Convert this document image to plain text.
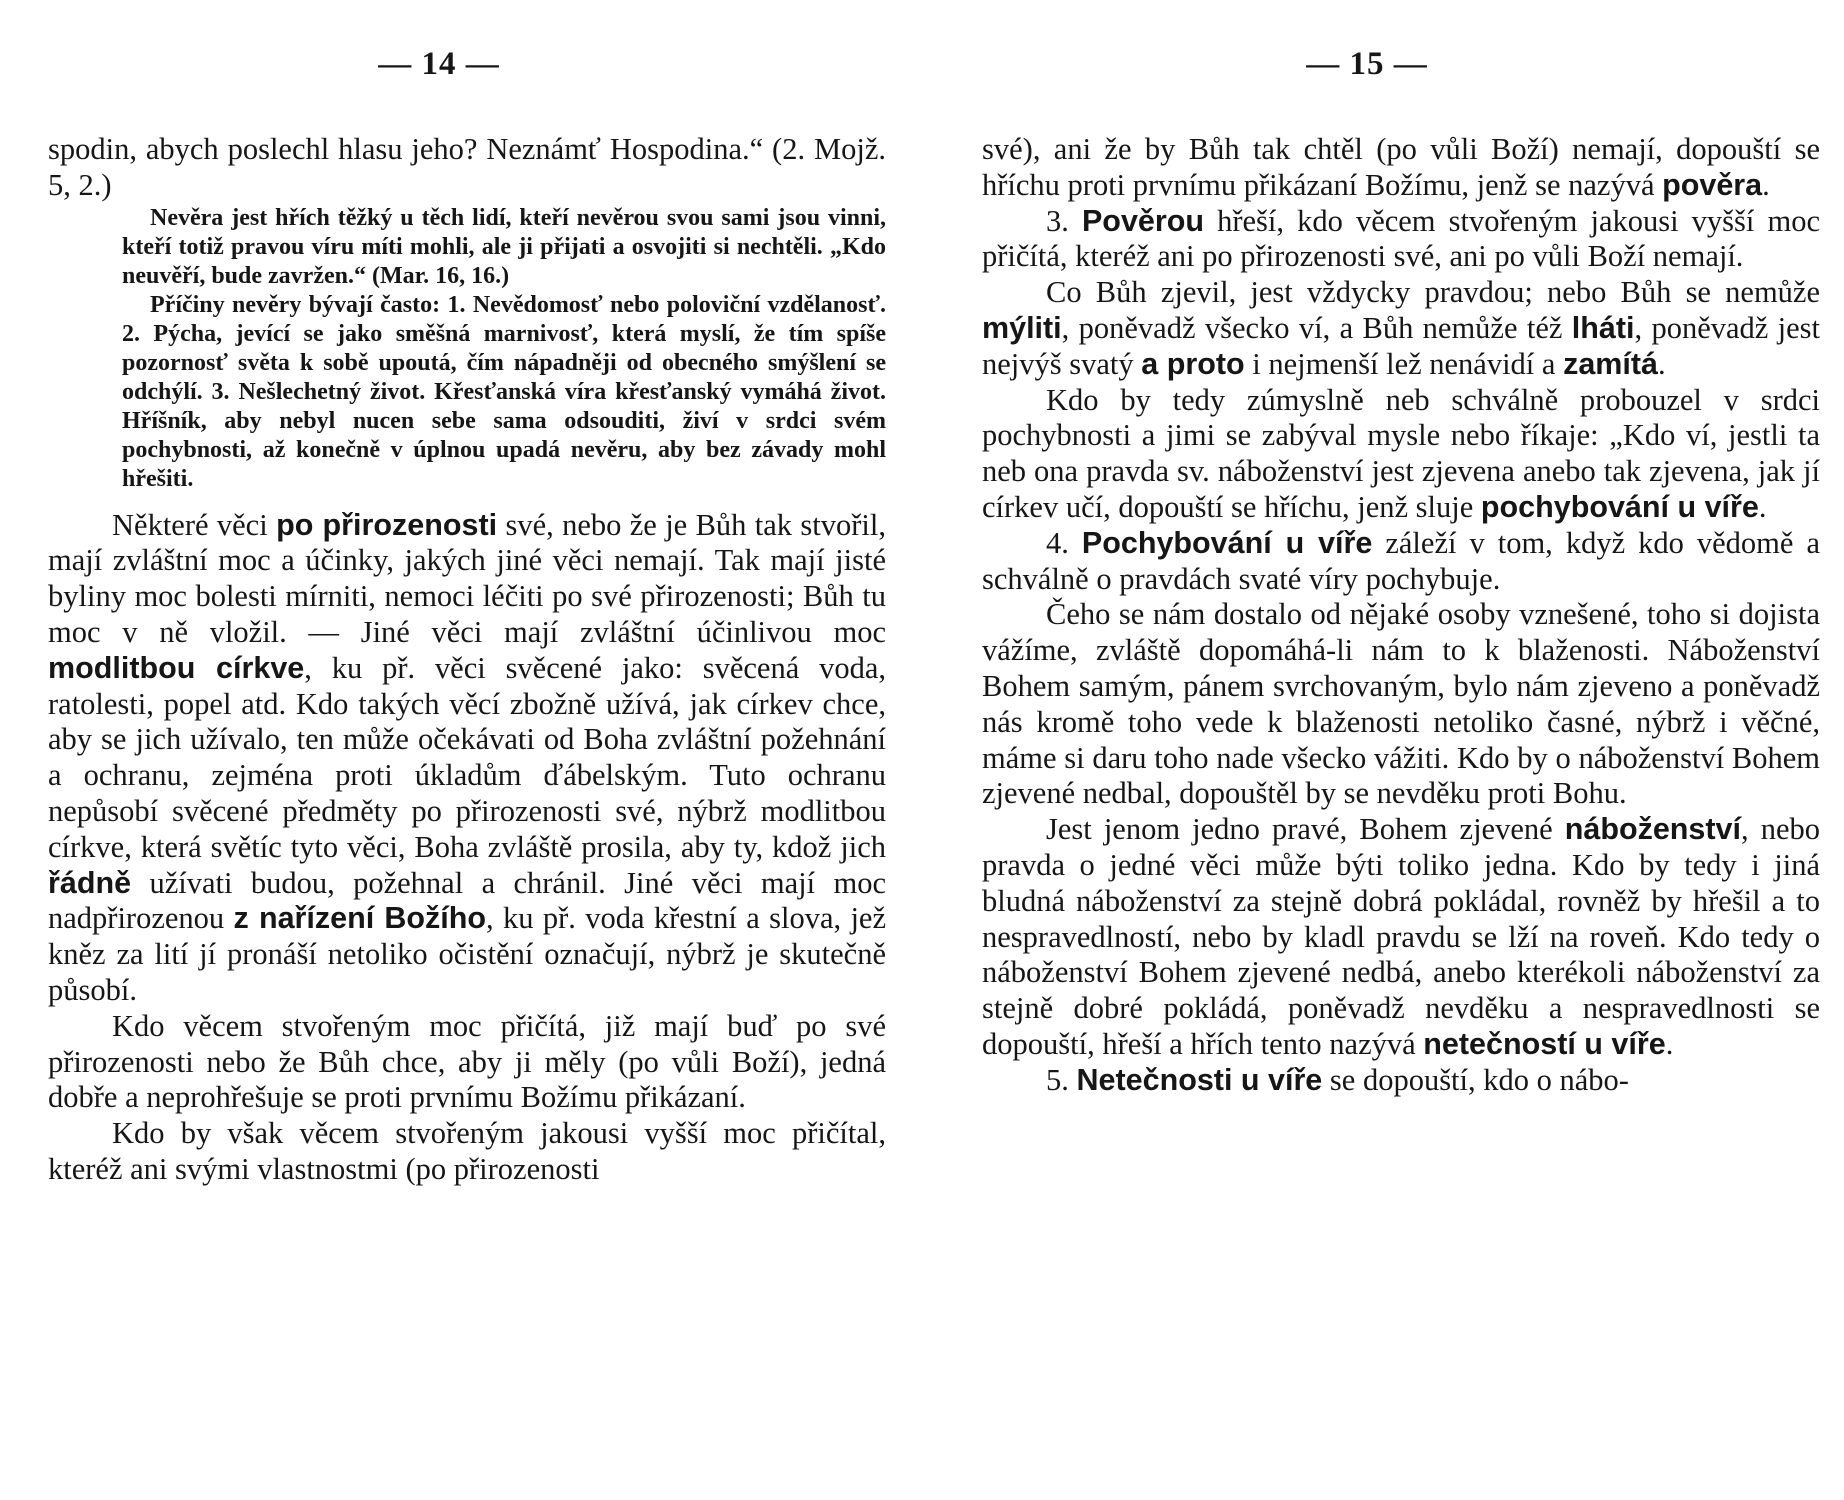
— 14 —

spodin, abych poslechl hlasu jeho? Neznámť Hospodina.“ (2. Mojž. 5, 2.)

Nevěra jest hřích těžký u těch lidí, kteří nevěrou svou sami jsou vinni, kteří totiž pravou víru míti mohli, ale ji přijati a osvojiti si nechtěli. „Kdo neuvěří, bude zavržen.“ (Mar. 16, 16.)

Příčiny nevěry bývají často: 1. Nevědomosť nebo poloviční vzdělanosť. 2. Pýcha, jevící se jako směšná marnivosť, která myslí, že tím spíše pozornosť světa k sobě upoutá, čím nápadněji od obecného smýšlení se odchýlí. 3. Nešlechetný život. Křesťanská víra křesťanský vymáhá život. Hříšník, aby nebyl nucen sebe sama odsouditi, živí v srdci svém pochybnosti, až konečně v úplnou upadá nevěru, aby bez závady mohl hřešiti.

Některé věci po přirozenosti své, nebo že je Bůh tak stvořil, mají zvláštní moc a účinky, jakých jiné věci nemají. Tak mají jisté byliny moc bolesti mírniti, nemoci léčiti po své přirozenosti; Bůh tu moc v ně vložil. — Jiné věci mají zvláštní účinlivou moc modlitbou církve, ku př. věci svěcené jako: svěcená voda, ratolesti, popel atd. Kdo takých věcí zbožně užívá, jak církev chce, aby se jich užívalo, ten může očekávati od Boha zvláštní požehnání a ochranu, zejména proti úkladům ďábelským. Tuto ochranu nepůsobí svěcené předměty po přirozenosti své, nýbrž modlitbou církve, která světíc tyto věci, Boha zvláště prosila, aby ty, kdož jich řádně užívati budou, požehnal a chránil. Jiné věci mají moc nadpřirozenou z nařízení Božího, ku př. voda křestní a slova, jež kněz za lití jí pronáší netoliko očistění označují, nýbrž je skutečně působí.

Kdo věcem stvořeným moc přičítá, již mají buď po své přirozenosti nebo že Bůh chce, aby ji měly (po vůli Boží), jedná dobře a neprohřešuje se proti prvnímu Božímu přikázaní.

Kdo by však věcem stvořeným jakousi vyšší moc přičítal, kteréž ani svými vlastnostmi (po přirozenosti

— 15 —

své), ani že by Bůh tak chtěl (po vůli Boží) nemají, dopouští se hříchu proti prvnímu přikázaní Božímu, jenž se nazývá pověra.

3. Pověrou hřeší, kdo věcem stvořeným jakousi vyšší moc přičítá, kteréž ani po přirozenosti své, ani po vůli Boží nemají.

Co Bůh zjevil, jest vždycky pravdou; nebo Bůh se nemůže mýliti, poněvadž všecko ví, a Bůh nemůže též lháti, poněvadž jest nejvýš svatý a proto i nejmenší lež nenávidí a zamítá.

Kdo by tedy zúmyslně neb schválně probouzel v srdci pochybnosti a jimi se zabýval mysle nebo říkaje: „Kdo ví, jestli ta neb ona pravda sv. náboženství jest zjevena anebo tak zjevena, jak jí církev učí, dopouští se hříchu, jenž sluje pochybování u víře.

4. Pochybování u víře záleží v tom, když kdo vědomě a schválně o pravdách svaté víry pochybuje.

Čeho se nám dostalo od nějaké osoby vznešené, toho si dojista vážíme, zvláště dopomáhá-li nám to k blaženosti. Náboženství Bohem samým, pánem svrchovaným, bylo nám zjeveno a poněvadž nás kromě toho vede k blaženosti netoliko časné, nýbrž i věčné, máme si daru toho nade všecko vážiti. Kdo by o náboženství Bohem zjevené nedbal, dopouštěl by se nevděku proti Bohu.

Jest jenom jedno pravé, Bohem zjevené náboženství, nebo pravda o jedné věci může býti toliko jedna. Kdo by tedy i jiná bludná náboženství za stejně dobrá pokládal, rovněž by hřešil a to nespravedlností, nebo by kladl pravdu se lží na roveň. Kdo tedy o náboženství Bohem zjevené nedbá, anebo kterékoli náboženství za stejně dobré pokládá, poněvadž nevděku a nespravedlnosti se dopouští, hřeší a hřích tento nazývá netečností u víře.

5. Netečnosti u víře se dopouští, kdo o nábo-
